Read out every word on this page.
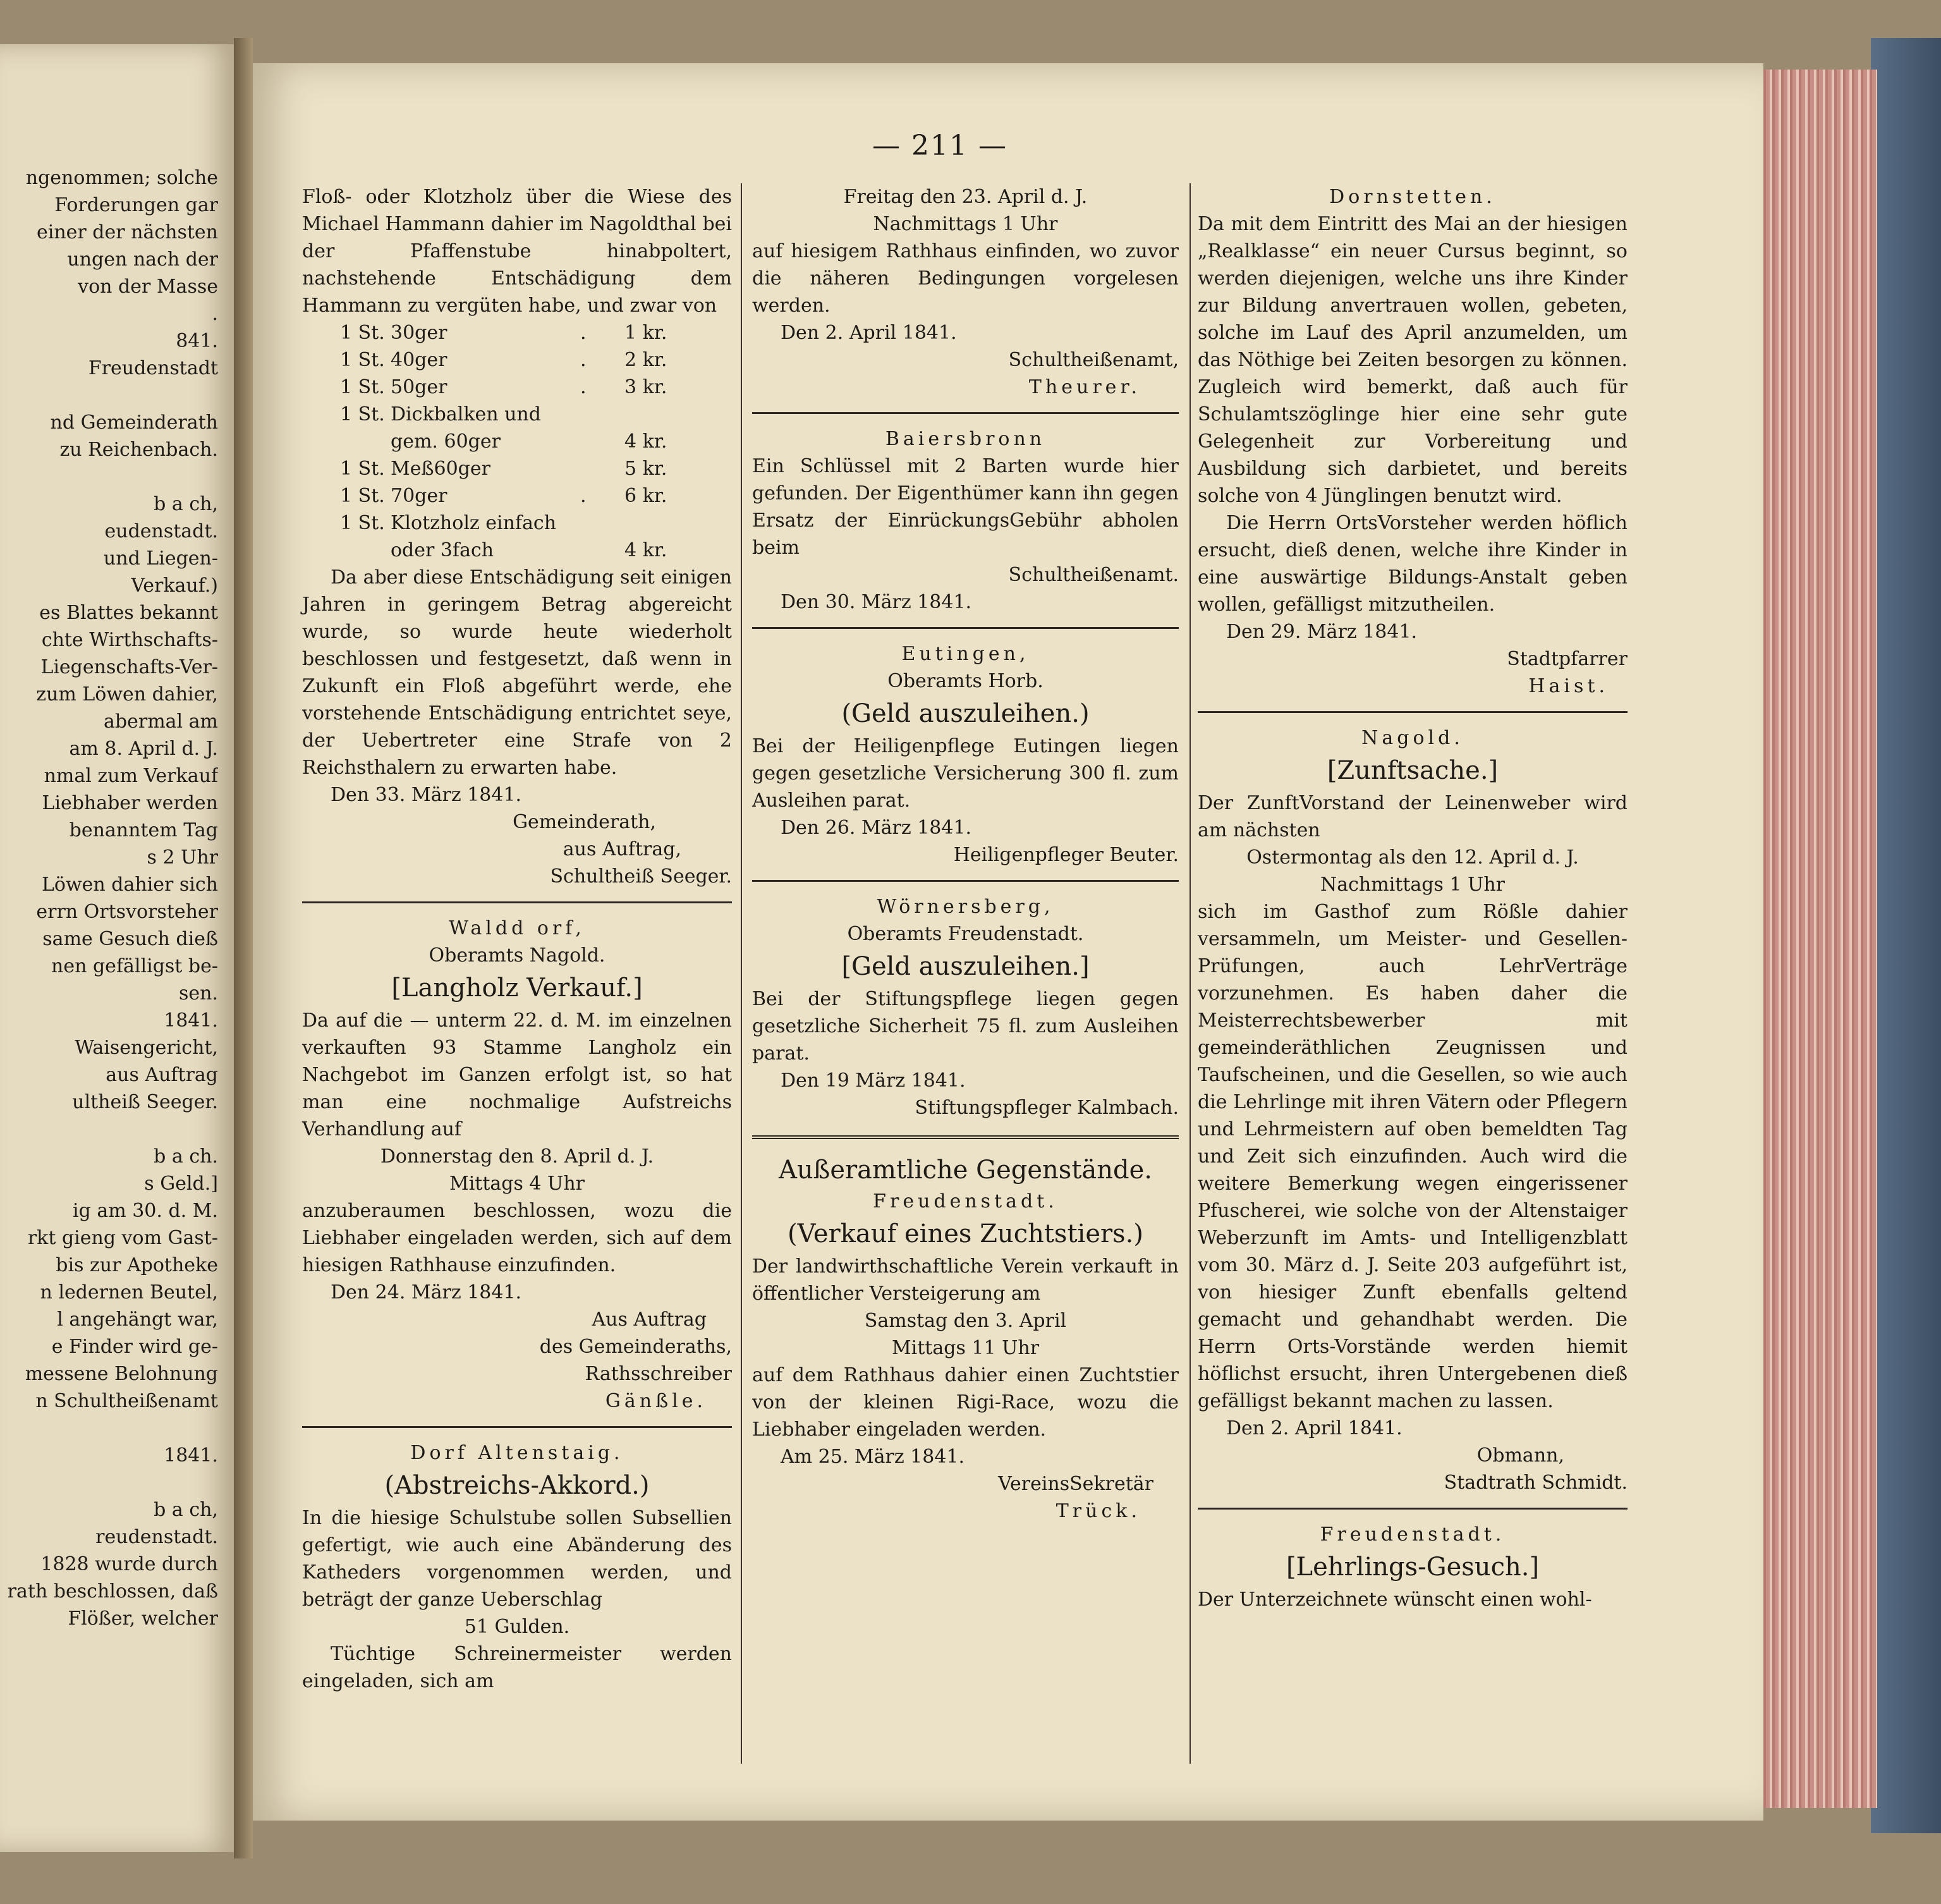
ngenommen; solche
Forderungen gar
einer der nächsten
ungen nach der
von der Masse
.
841.
Freudenstadt
nd Gemeinderath
zu Reichenbach.
b a ch,
eudenstadt.
und Liegen-
Verkauf.)
es Blattes bekannt
chte Wirthschafts-
Liegenschafts-Ver-
zum Löwen dahier,
abermal am
am 8. April d. J.
nmal zum Verkauf
Liebhaber werden
benanntem Tag
s 2 Uhr
Löwen dahier sich
errn Ortsvorsteher
same Gesuch dieß
nen gefälligst be-
sen.
1841.
Waisengericht,
aus Auftrag
ultheiß Seeger.
b a ch.
s Geld.]
ig am 30. d. M.
rkt gieng vom Gast-
bis zur Apotheke
n ledernen Beutel,
l angehängt war,
e Finder wird ge-
messene Belohnung
n Schultheißenamt
1841.
b a ch,
reudenstadt.
1828 wurde durch
rath beschlossen, daß
Flößer, welcher
— 211 —

Floß- oder Klotzholz über die Wiese des Michael Hammann dahier im Nagoldthal bei der Pfaffenstube hinabpoltert, nachstehende Entschädigung dem Hammann zu vergüten habe, und zwar von

1 St. 30ger	.	1 kr.

1 St. 40ger	.	2 kr.

1 St. 50ger	.	3 kr.

1 St. Dickbalken und

gem. 60ger	4 kr.

1 St. Meß60ger	5 kr.

1 St. 70ger	.	6 kr.

1 St. Klotzholz einfach

oder 3fach	4 kr.

Da aber diese Entschädigung seit einigen Jahren in geringem Betrag abgereicht wurde, so wurde heute wiederholt beschlossen und festgesetzt, daß wenn in Zukunft ein Floß abgeführt werde, ehe vorstehende Entschädigung entrichtet seye, der Uebertreter eine Strafe von 2 Reichsthalern zu erwarten habe.

Den 33. März 1841.

Gemeinderath,

aus Auftrag,

Schultheiß Seeger.

Waldd orf,

Oberamts Nagold.

[Langholz Verkauf.]

Da auf die — unterm 22. d. M. im einzelnen verkauften 93 Stamme Langholz ein Nachgebot im Ganzen erfolgt ist, so hat man eine nochmalige Aufstreichs Verhandlung auf

Donnerstag den 8. April d. J.

Mittags 4 Uhr

anzuberaumen beschlossen, wozu die Liebhaber eingeladen werden, sich auf dem hiesigen Rathhause einzufinden.

Den 24. März 1841.

Aus Auftrag

des Gemeinderaths,

Rathsschreiber

Gänßle.

Dorf Altenstaig.

(Abstreichs-Akkord.)

In die hiesige Schulstube sollen Subsellien gefertigt, wie auch eine Abänderung des Katheders vorgenommen werden, und beträgt der ganze Ueberschlag

51 Gulden.

Tüchtige Schreinermeister werden eingeladen, sich am

Freitag den 23. April d. J.

Nachmittags 1 Uhr

auf hiesigem Rathhaus einfinden, wo zuvor die näheren Bedingungen vorgelesen werden.

Den 2. April 1841.

Schultheißenamt,

Theurer.

Baiersbronn

Ein Schlüssel mit 2 Barten wurde hier gefunden. Der Eigenthümer kann ihn gegen Ersatz der EinrückungsGebühr abholen beim

Schultheißenamt.

Den 30. März 1841.

Eutingen,

Oberamts Horb.

(Geld auszuleihen.)

Bei der Heiligenpflege Eutingen liegen gegen gesetzliche Versicherung 300 fl. zum Ausleihen parat.

Den 26. März 1841.

Heiligenpfleger Beuter.

Wörnersberg,

Oberamts Freudenstadt.

[Geld auszuleihen.]

Bei der Stiftungspflege liegen gegen gesetzliche Sicherheit 75 fl. zum Ausleihen parat.

Den 19 März 1841.

Stiftungspfleger Kalmbach.

Außeramtliche Gegenstände.

Freudenstadt.

(Verkauf eines Zuchtstiers.)

Der landwirthschaftliche Verein verkauft in öffentlicher Versteigerung am

Samstag den 3. April

Mittags 11 Uhr

auf dem Rathhaus dahier einen Zuchtstier von der kleinen Rigi-Race, wozu die Liebhaber eingeladen werden.

Am 25. März 1841.

VereinsSekretär

Trück.

Dornstetten.

Da mit dem Eintritt des Mai an der hiesigen „Realklasse“ ein neuer Cursus beginnt, so werden diejenigen, welche uns ihre Kinder zur Bildung anvertrauen wollen, gebeten, solche im Lauf des April anzumelden, um das Nöthige bei Zeiten besorgen zu können. Zugleich wird bemerkt, daß auch für Schulamtszöglinge hier eine sehr gute Gelegenheit zur Vorbereitung und Ausbildung sich darbietet, und bereits solche von 4 Jünglingen benutzt wird.

Die Herrn OrtsVorsteher werden höflich ersucht, dieß denen, welche ihre Kinder in eine auswärtige Bildungs-Anstalt geben wollen, gefälligst mitzutheilen.

Den 29. März 1841.

Stadtpfarrer

Haist.

Nagold.

[Zunftsache.]

Der ZunftVorstand der Leinenweber wird am nächsten

Ostermontag als den 12. April d. J.

Nachmittags 1 Uhr

sich im Gasthof zum Rößle dahier versammeln, um Meister- und Gesellen-Prüfungen, auch LehrVerträge vorzunehmen. Es haben daher die Meisterrechtsbewerber mit gemeinderäthlichen Zeugnissen und Taufscheinen, und die Gesellen, so wie auch die Lehrlinge mit ihren Vätern oder Pflegern und Lehrmeistern auf oben bemeldten Tag und Zeit sich einzufinden. Auch wird die weitere Bemerkung wegen eingerissener Pfuscherei, wie solche von der Altenstaiger Weberzunft im Amts- und Intelligenzblatt vom 30. März d. J. Seite 203 aufgeführt ist, von hiesiger Zunft ebenfalls geltend gemacht und gehandhabt werden. Die Herrn Orts-Vorstände werden hiemit höflichst ersucht, ihren Untergebenen dieß gefälligst bekannt machen zu lassen.

Den 2. April 1841.

Obmann,

Stadtrath Schmidt.

Freudenstadt.

[Lehrlings-Gesuch.]

Der Unterzeichnete wünscht einen wohl-
